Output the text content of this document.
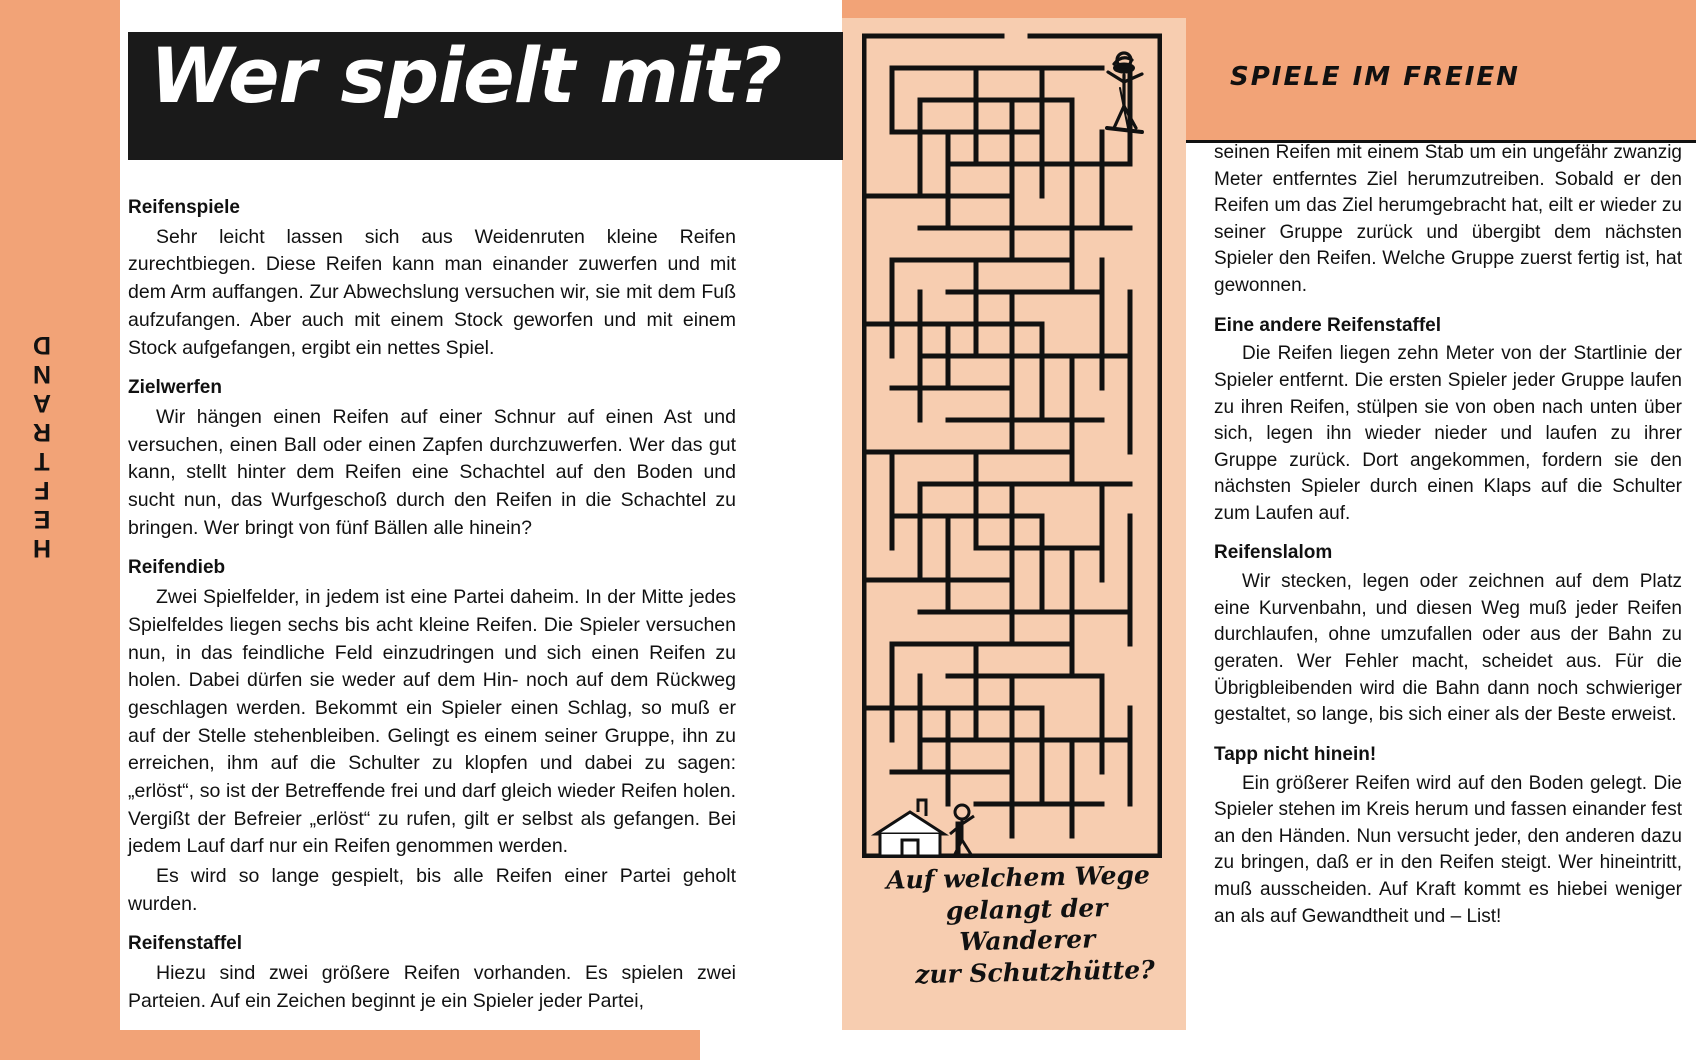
HEFTRAND
Wer spielt mit?	SPIELE IM FREIEN
Reifenspiele

Sehr leicht lassen sich aus Weidenruten kleine Reifen zurechtbiegen. Diese Reifen kann man einander zuwerfen und mit dem Arm auffangen. Zur Abwechslung versuchen wir, sie mit dem Fuß aufzufangen. Aber auch mit einem Stock geworfen und mit einem Stock aufgefangen, ergibt ein nettes Spiel.

Zielwerfen

Wir hängen einen Reifen auf einer Schnur auf einen Ast und versuchen, einen Ball oder einen Zapfen durchzuwerfen. Wer das gut kann, stellt hinter dem Reifen eine Schachtel auf den Boden und sucht nun, das Wurfgeschoß durch den Reifen in die Schachtel zu bringen. Wer bringt von fünf Bällen alle hinein?

Reifendieb

Zwei Spielfelder, in jedem ist eine Partei daheim. In der Mitte jedes Spielfeldes liegen sechs bis acht kleine Reifen. Die Spieler versuchen nun, in das feindliche Feld einzudringen und sich einen Reifen zu holen. Dabei dürfen sie weder auf dem Hin- noch auf dem Rückweg geschlagen werden. Bekommt ein Spieler einen Schlag, so muß er auf der Stelle stehenbleiben. Gelingt es einem seiner Gruppe, ihn zu erreichen, ihm auf die Schulter zu klopfen und dabei zu sagen: „erlöst“, so ist der Betreffende frei und darf gleich wieder Reifen holen. Vergißt der Befreier „erlöst“ zu rufen, gilt er selbst als gefangen. Bei jedem Lauf darf nur ein Reifen genommen werden.

Es wird so lange gespielt, bis alle Reifen einer Partei geholt wurden.

Reifenstaffel

Hiezu sind zwei größere Reifen vorhanden. Es spielen zwei Parteien. Auf ein Zeichen beginnt je ein Spieler jeder Partei,

Auf welchem Wege
gelangt der Wanderer
zur Schutzhütte?

seinen Reifen mit einem Stab um ein ungefähr zwanzig Meter entferntes Ziel herumzutreiben. Sobald er den Reifen um das Ziel herumgebracht hat, eilt er wieder zu seiner Gruppe zurück und übergibt dem nächsten Spieler den Reifen. Welche Gruppe zuerst fertig ist, hat gewonnen.

Eine andere Reifenstaffel

Die Reifen liegen zehn Meter von der Startlinie der Spieler entfernt. Die ersten Spieler jeder Gruppe laufen zu ihren Reifen, stülpen sie von oben nach unten über sich, legen ihn wieder nieder und laufen zu ihrer Gruppe zurück. Dort angekommen, fordern sie den nächsten Spieler durch einen Klaps auf die Schulter zum Laufen auf.

Reifenslalom

Wir stecken, legen oder zeichnen auf dem Platz eine Kurvenbahn, und diesen Weg muß jeder Reifen durchlaufen, ohne umzufallen oder aus der Bahn zu geraten. Wer Fehler macht, scheidet aus. Für die Übrigbleibenden wird die Bahn dann noch schwieriger gestaltet, so lange, bis sich einer als der Beste erweist.

Tapp nicht hinein!

Ein größerer Reifen wird auf den Boden gelegt. Die Spieler stehen im Kreis herum und fassen einander fest an den Händen. Nun versucht jeder, den anderen dazu zu bringen, daß er in den Reifen steigt. Wer hineintritt, muß ausscheiden. Auf Kraft kommt es hiebei weniger an als auf Gewandtheit und – List!
